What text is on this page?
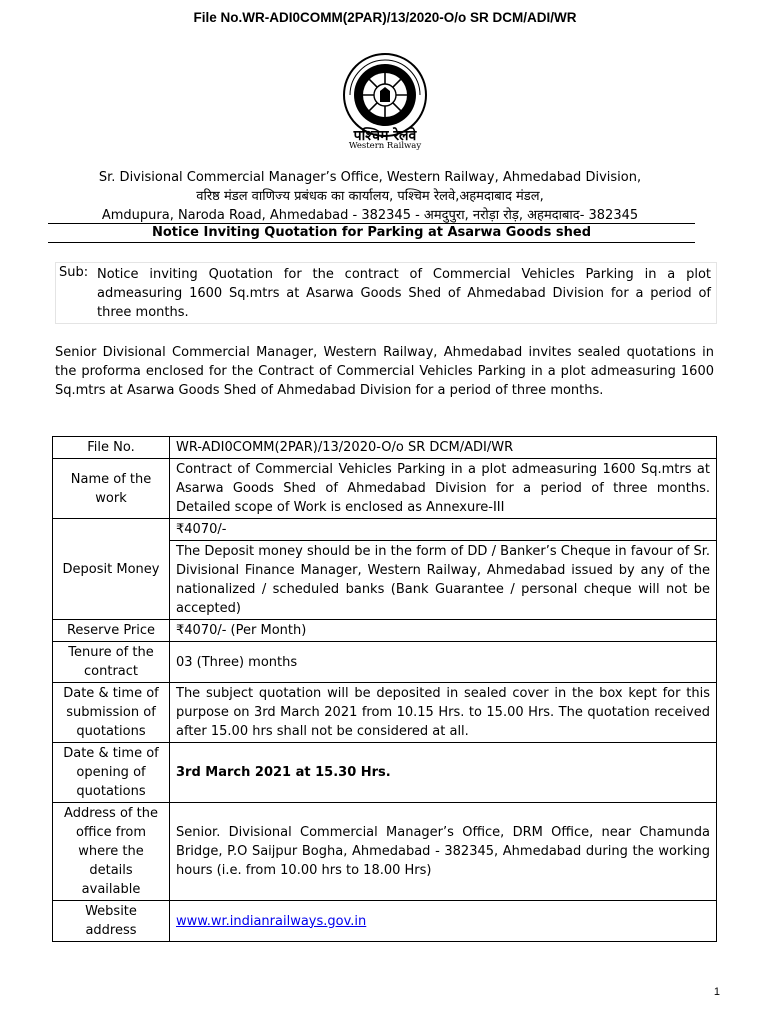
File No.WR-ADI0COMM(2PAR)/13/2020-O/o SR DCM/ADI/WR
पश्चिम रेलवे
Western Railway
Sr. Divisional Commercial Manager’s Office, Western Railway, Ahmedabad Division,
वरिष्ठ मंडल वाणिज्य प्रबंधक का कार्यालय, पश्चिम रेलवे,अहमदाबाद मंडल,
Amdupura, Naroda Road, Ahmedabad - 382345 - अमदुपुरा, नरोड़ा रोड़, अहमदाबाद- 382345
Notice Inviting Quotation for Parking at Asarwa Goods shed
Sub: Notice inviting Quotation for the contract of Commercial Vehicles Parking in a plot admeasuring 1600 Sq.mtrs at Asarwa Goods Shed of Ahmedabad Division for a period of three months.
Senior Divisional Commercial Manager, Western Railway, Ahmedabad invites sealed quotations in the proforma enclosed for the Contract of Commercial Vehicles Parking in a plot admeasuring 1600 Sq.mtrs at Asarwa Goods Shed of Ahmedabad Division for a period of three months.
File No.	WR-ADI0COMM(2PAR)/13/2020-O/o SR DCM/ADI/WR
Name of the work	Contract of Commercial Vehicles Parking in a plot admeasuring 1600 Sq.mtrs at Asarwa Goods Shed of Ahmedabad Division for a period of three months. Detailed scope of Work is enclosed as Annexure-III
Deposit Money	₹4070/-
	The Deposit money should be in the form of DD / Banker’s Cheque in favour of Sr. Divisional Finance Manager, Western Railway, Ahmedabad issued by any of the nationalized / scheduled banks (Bank Guarantee / personal cheque will not be accepted)
Reserve Price	₹4070/- (Per Month)
Tenure of the contract	03 (Three) months
Date & time of submission of quotations	The subject quotation will be deposited in sealed cover in the box kept for this purpose on 3rd March 2021 from 10.15 Hrs. to 15.00 Hrs. The quotation received after 15.00 hrs shall not be considered at all.
Date & time of opening of quotations	3rd March 2021 at 15.30 Hrs.
Address of the office from where the details available	Senior. Divisional Commercial Manager’s Office, DRM Office, near Chamunda Bridge, P.O Saijpur Bogha, Ahmedabad - 382345, Ahmedabad during the working hours (i.e. from 10.00 hrs to 18.00 Hrs)
Website address	www.wr.indianrailways.gov.in
1
